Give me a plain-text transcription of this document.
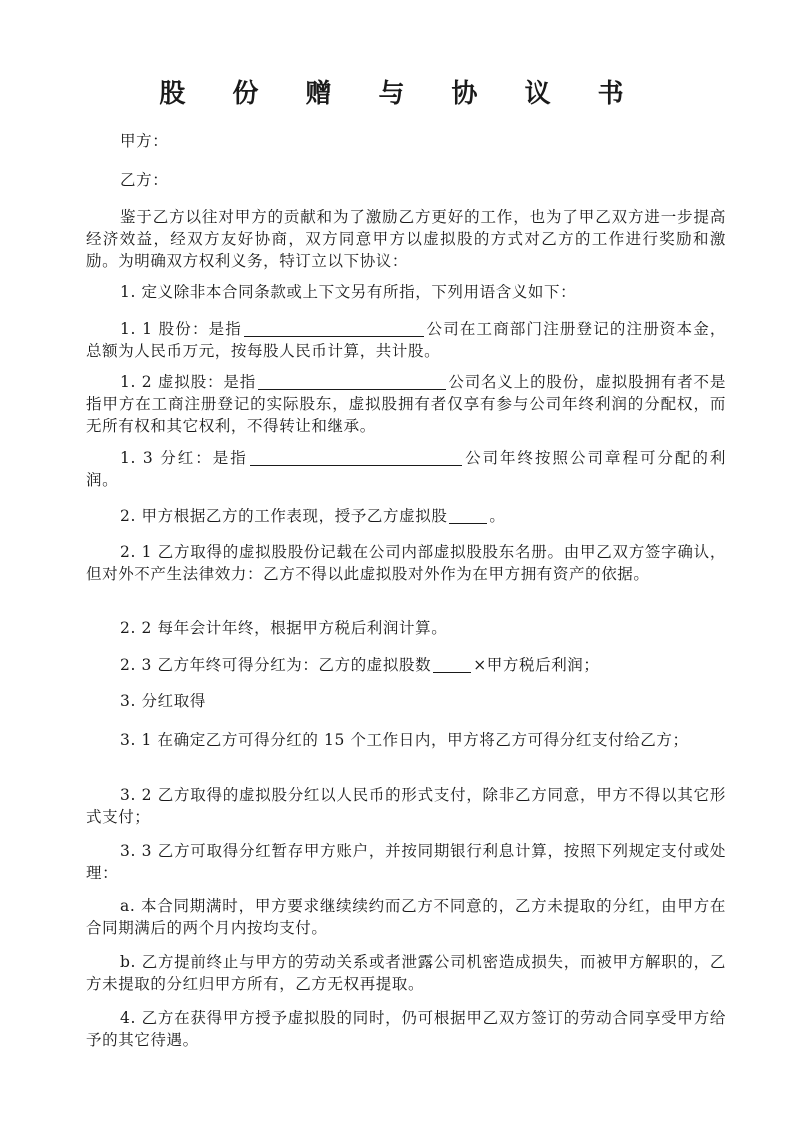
股 份 赠 与 协 议 书
甲方：
乙方：
鉴于乙方以往对甲方的贡献和为了激励乙方更好的工作，也为了甲乙双方进一步提高经济效益，经双方友好协商，双方同意甲方以虚拟股的方式对乙方的工作进行奖励和激励。为明确双方权利义务，特订立以下协议：
1. 定义除非本合同条款或上下文另有所指，下列用语含义如下：
1. 1 股份：是指	公司在工商部门注册登记的注册资本金，总额为人民币万元，按每股人民币计算，共计股。
1. 2 虚拟股：是指	公司名义上的股份，虚拟股拥有者不是指甲方在工商注册登记的实际股东，虚拟股拥有者仅享有参与公司年终利润的分配权，而无所有权和其它权利，不得转让和继承。
1. 3 分红：是指	公司年终按照公司章程可分配的利润。
2. 甲方根据乙方的工作表现，授予乙方虚拟股	。
2. 1 乙方取得的虚拟股股份记载在公司内部虚拟股股东名册。由甲乙双方签字确认，但对外不产生法律效力：乙方不得以此虚拟股对外作为在甲方拥有资产的依据。
2. 2 每年会计年终，根据甲方税后利润计算。
2. 3 乙方年终可得分红为：乙方的虚拟股数	×甲方税后利润；
3. 分红取得
3. 1 在确定乙方可得分红的 15 个工作日内，甲方将乙方可得分红支付给乙方；
3. 2 乙方取得的虚拟股分红以人民币的形式支付，除非乙方同意，甲方不得以其它形式支付；
3. 3 乙方可取得分红暂存甲方账户，并按同期银行利息计算，按照下列规定支付或处理：
a. 本合同期满时，甲方要求继续续约而乙方不同意的，乙方未提取的分红，由甲方在合同期满后的两个月内按均支付。
b. 乙方提前终止与甲方的劳动关系或者泄露公司机密造成损失，而被甲方解职的，乙方未提取的分红归甲方所有，乙方无权再提取。
4. 乙方在获得甲方授予虚拟股的同时，仍可根据甲乙双方签订的劳动合同享受甲方给予的其它待遇。
